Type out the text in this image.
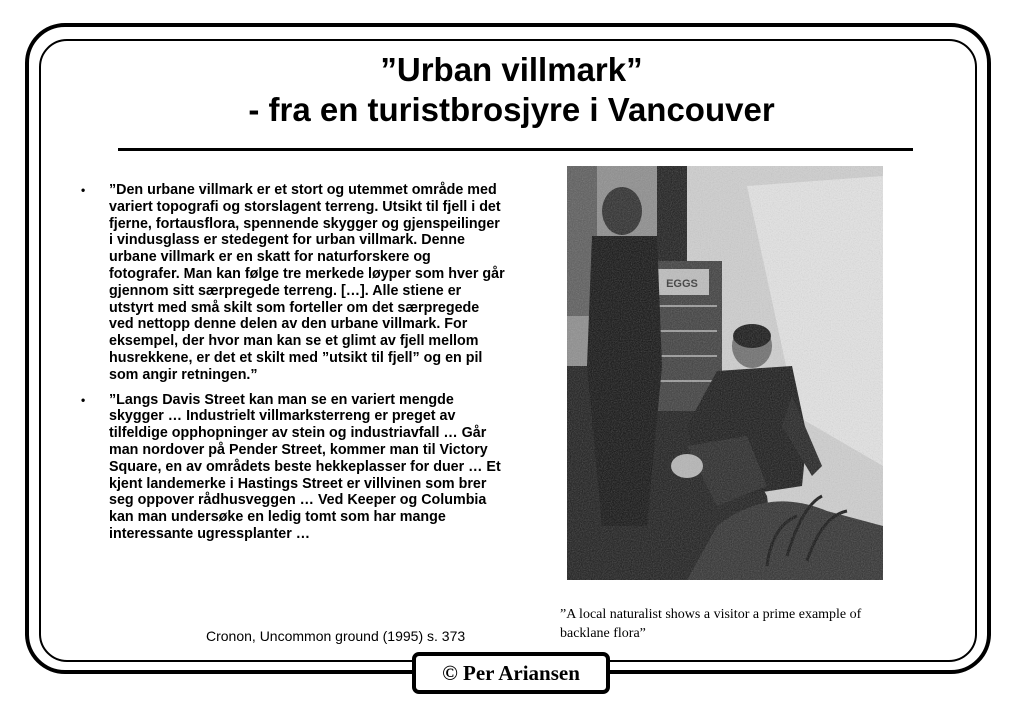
”Urban villmark”
- fra en turistbrosjyre i Vancouver
• ”Den urbane villmark er et stort og utemmet område med variert topografi og storslagent terreng. Utsikt til fjell i det fjerne, fortausflora, spennende skygger og gjenspeilinger i vindusglass er stedegent for urban villmark. Denne urbane villmark er en skatt for naturforskere og fotografer. Man kan følge tre merkede løyper som hver går gjennom sitt særpregede terreng. […]. Alle stiene er utstyrt med små skilt som forteller om det særpregede ved nettopp denne delen av den urbane villmark. For eksempel, der hvor man kan se et glimt av fjell mellom husrekkene, er det et skilt med ”utsikt til fjell” og en pil som angir retningen.”
• ”Langs Davis Street kan man se en variert mengde skygger … Industrielt villmarksterreng er preget av tilfeldige opphopninger av stein og industriavfall … Går man nordover på Pender Street, kommer man til Victory Square, en av områdets beste hekkeplasser for duer … Et kjent landemerke i Hastings Street er villvinen som brer seg oppover rådhusveggen … Ved Keeper og Columbia kan man undersøke en ledig tomt som har mange interessante ugressplanter …
Cronon, Uncommon ground (1995) s. 373
”A local naturalist shows a visitor a prime example of backlane flora”
© Per Ariansen
